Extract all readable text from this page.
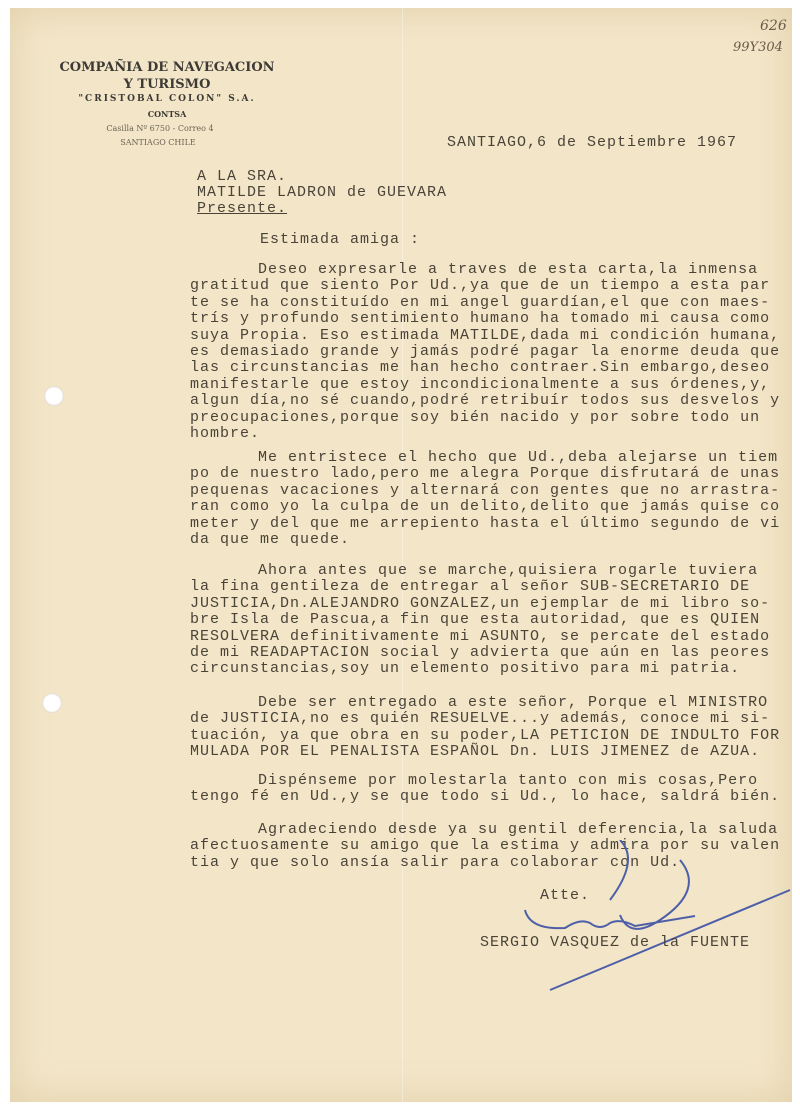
626
99Y304
COMPAÑIA DE NAVEGACION
Y TURISMO
"CRISTOBAL COLON" S.A.
CONTSA
Casilla Nº 6750 - Correo 4
SANTIAGO CHILE	SANTIAGO,6 de Septiembre 1967
A LA SRA.
MATILDE LADRON de GUEVARA
Presente.
Estimada amiga :
Deseo expresarle a traves de esta carta,la inmensa
gratitud que siento Por Ud.,ya que de un tiempo a esta par
te se ha constituído en mi angel guardían,el que con maes-
trís y profundo sentimiento humano ha tomado mi causa como
suya Propia. Eso estimada MATILDE,dada mi condición humana,
es demasiado grande y jamás podré pagar la enorme deuda que
las circunstancias me han hecho contraer.Sin embargo,deseo
manifestarle que estoy incondicionalmente a sus órdenes,y,
algun día,no sé cuando,podré retribuír todos sus desvelos y
preocupaciones,porque soy bién nacido y por sobre todo un
hombre.
Me entristece el hecho que Ud.,deba alejarse un tiem
po de nuestro lado,pero me alegra Porque disfrutará de unas
pequenas vacaciones y alternará con gentes que no arrastra-
ran como yo la culpa de un delito,delito que jamás quise co
meter y del que me arrepiento hasta el último segundo de vi
da que me quede.
Ahora antes que se marche,quisiera rogarle tuviera
la fina gentileza de entregar al señor SUB-SECRETARIO DE
JUSTICIA,Dn.ALEJANDRO GONZALEZ,un ejemplar de mi libro so-
bre Isla de Pascua,a fin que esta autoridad, que es QUIEN
RESOLVERA definitivamente mi ASUNTO, se percate del estado
de mi READAPTACION social y advierta que aún en las peores
circunstancias,soy un elemento positivo para mi patria.
Debe ser entregado a este señor, Porque el MINISTRO
de JUSTICIA,no es quién RESUELVE...y además, conoce mi si-
tuación, ya que obra en su poder,LA PETICION DE INDULTO FOR
MULADA POR EL PENALISTA ESPAÑOL Dn. LUIS JIMENEZ de AZUA.
Dispénseme por molestarla tanto con mis cosas,Pero
tengo fé en Ud.,y se que todo si Ud., lo hace, saldrá bién.
Agradeciendo desde ya su gentil deferencia,la saluda
afectuosamente su amigo que la estima y admira por su valen
tia y que solo ansía salir para colaborar con Ud.
Atte.
SERGIO VASQUEZ de la FUENTE
